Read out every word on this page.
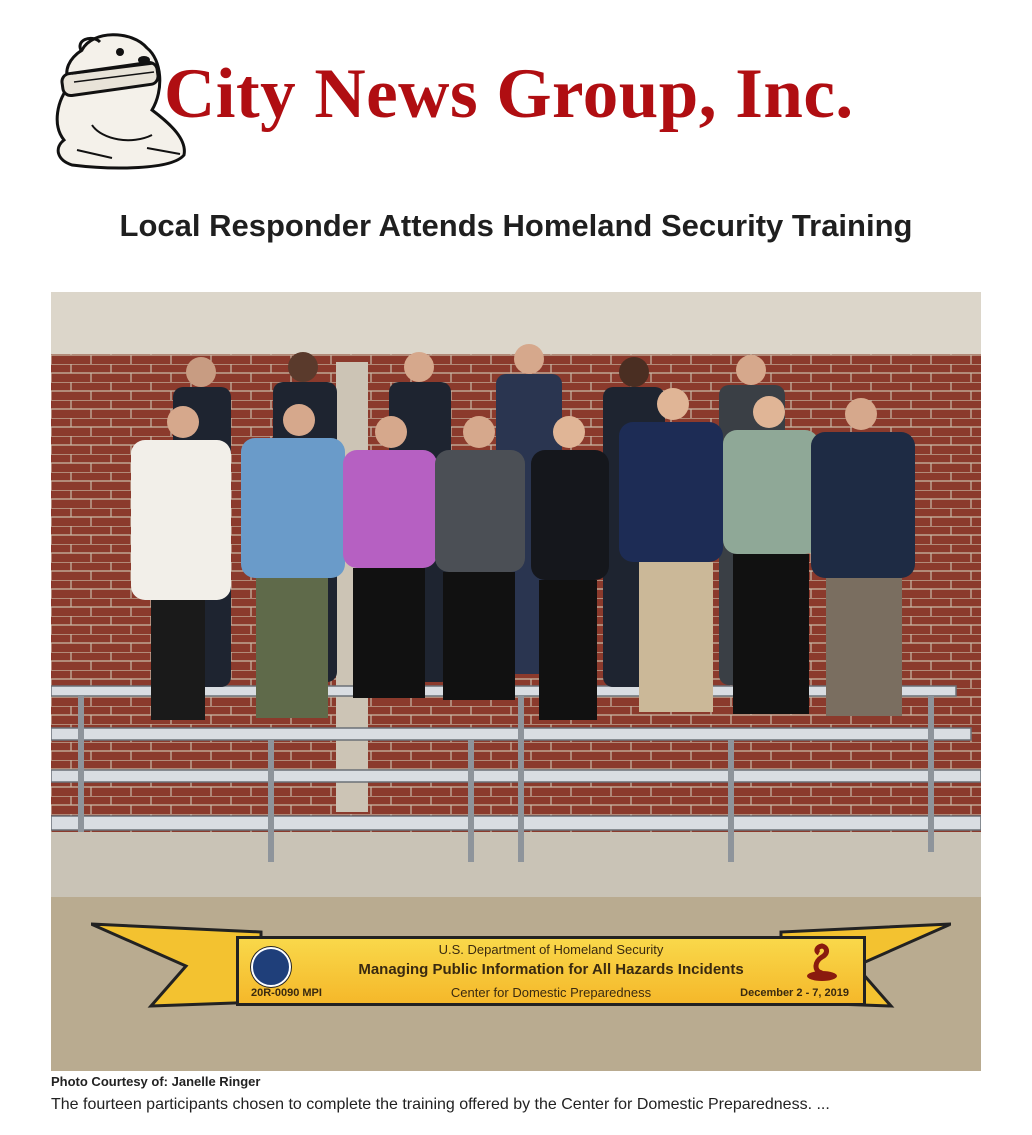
City News Group, Inc.
Local Responder Attends Homeland Security Training
U.S. Department of Homeland Security
Managing Public Information for All Hazards Incidents
Center for Domestic Preparedness
20R-0090 MPI	December 2 - 7, 2019
Photo Courtesy of: Janelle Ringer
The fourteen participants chosen to complete the training offered by the Center for Domestic Preparedness. ...
